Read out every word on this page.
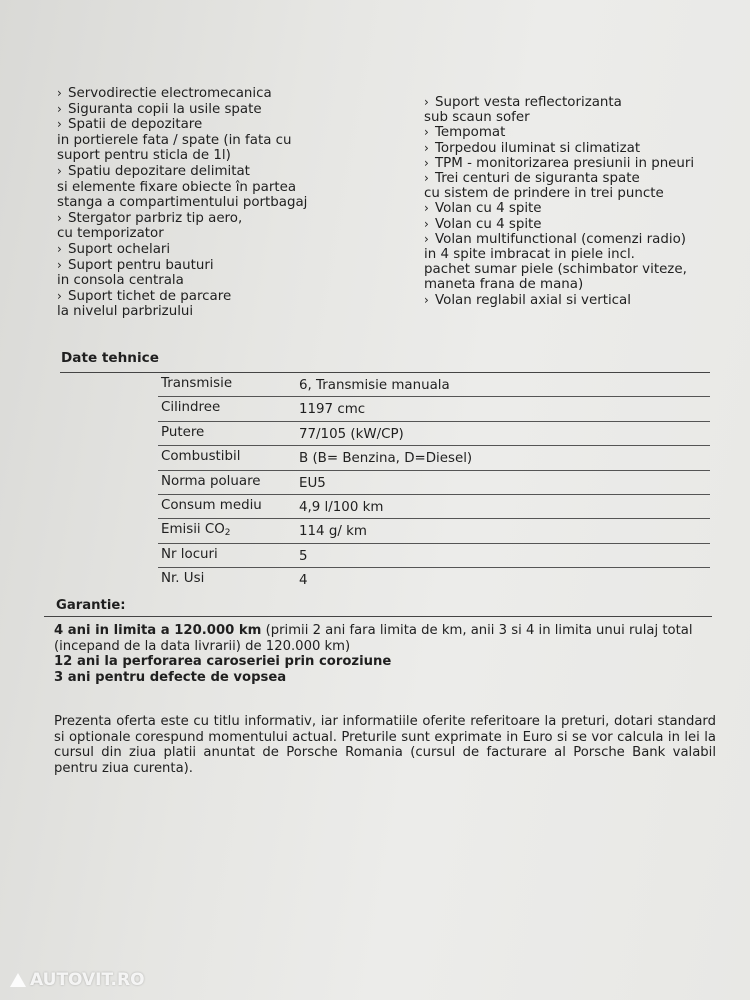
› Servodirectie electromecanica
› Siguranta copii la usile spate
› Spatii de depozitare
in portierele fata / spate (in fata cu
suport pentru sticla de 1l)
› Spatiu depozitare delimitat
si elemente fixare obiecte în partea
stanga a compartimentului portbagaj
› Stergator parbriz tip aero,
cu temporizator
› Suport ochelari
› Suport pentru bauturi
in consola centrala
› Suport tichet de parcare
la nivelul parbrizului
› Suport vesta reflectorizanta
sub scaun sofer
› Tempomat
› Torpedou iluminat si climatizat
› TPM - monitorizarea presiunii in pneuri
› Trei centuri de siguranta spate
cu sistem de prindere in trei puncte
› Volan cu 4 spite
› Volan cu 4 spite
› Volan multifunctional (comenzi radio)
in 4 spite imbracat in piele incl.
pachet sumar piele (schimbator viteze,
maneta frana de mana)
› Volan reglabil axial si vertical
Date tehnice
Transmisie	6, Transmisie manuala
Cilindree	1197 cmc
Putere	77/105 (kW/CP)
Combustibil	B (B= Benzina, D=Diesel)
Norma poluare	EU5
Consum mediu	4,9 l/100 km
Emisii $CO_2$	114 g/ km
Nr locuri	5
Nr. Usi	4
Garantie:
4 ani in limita a 120.000 km (primii 2 ani fara limita de km, anii 3 si 4 in limita unui rulaj total
(incepand de la data livrarii) de 120.000 km)
12 ani la perforarea caroseriei prin coroziune
3 ani pentru defecte de vopsea
Prezenta oferta este cu titlu informativ, iar informatiile oferite referitoare la preturi, dotari standard si optionale corespund momentului actual. Preturile sunt exprimate in Euro si se vor calcula in lei la cursul din ziua platii anuntat de Porsche Romania (cursul de facturare al Porsche Bank valabil pentru ziua curenta).
AUTOVIT.RO
